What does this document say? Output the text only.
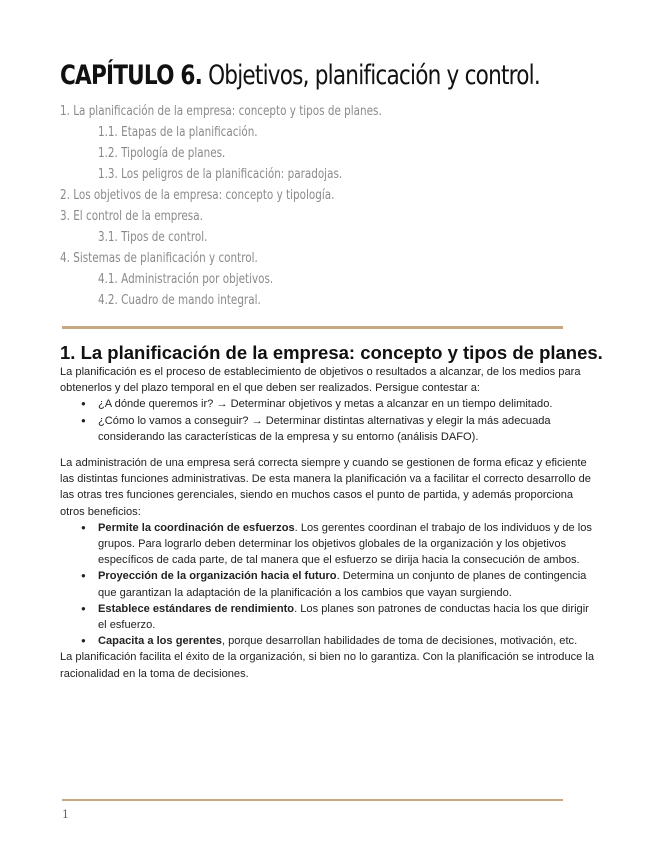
CAPÍTULO 6. Objetivos, planificación y control.
1. La planificación de la empresa: concepto y tipos de planes.
1.1. Etapas de la planificación.
1.2. Tipología de planes.
1.3. Los peligros de la planificación: paradojas.
2. Los objetivos de la empresa: concepto y tipología.
3. El control de la empresa.
3.1. Tipos de control.
4. Sistemas de planificación y control.
4.1. Administración por objetivos.
4.2. Cuadro de mando integral.
1. La planificación de la empresa: concepto y tipos de planes.

La planificación es el proceso de establecimiento de objetivos o resultados a alcanzar, de los medios para obtenerlos y del plazo temporal en el que deben ser realizados. Persigue contestar a:

● ¿A dónde queremos ir? → Determinar objetivos y metas a alcanzar en un tiempo delimitado.
● ¿Cómo lo vamos a conseguir? → Determinar distintas alternativas y elegir la más adecuada considerando las características de la empresa y su entorno (análisis DAFO).

La administración de una empresa será correcta siempre y cuando se gestionen de forma eficaz y eficiente las distintas funciones administrativas. De esta manera la planificación va a facilitar el correcto desarrollo de las otras tres funciones gerenciales, siendo en muchos casos el punto de partida, y además proporciona otros beneficios:

● Permite la coordinación de esfuerzos. Los gerentes coordinan el trabajo de los individuos y de los grupos. Para lograrlo deben determinar los objetivos globales de la organización y los objetivos específicos de cada parte, de tal manera que el esfuerzo se dirija hacia la consecución de ambos.
● Proyección de la organización hacia el futuro. Determina un conjunto de planes de contingencia que garantizan la adaptación de la planificación a los cambios que vayan surgiendo.
● Establece estándares de rendimiento. Los planes son patrones de conductas hacia los que dirigir el esfuerzo.
● Capacita a los gerentes, porque desarrollan habilidades de toma de decisiones, motivación, etc.

La planificación facilita el éxito de la organización, si bien no lo garantiza. Con la planificación se introduce la racionalidad en la toma de decisiones.

1
